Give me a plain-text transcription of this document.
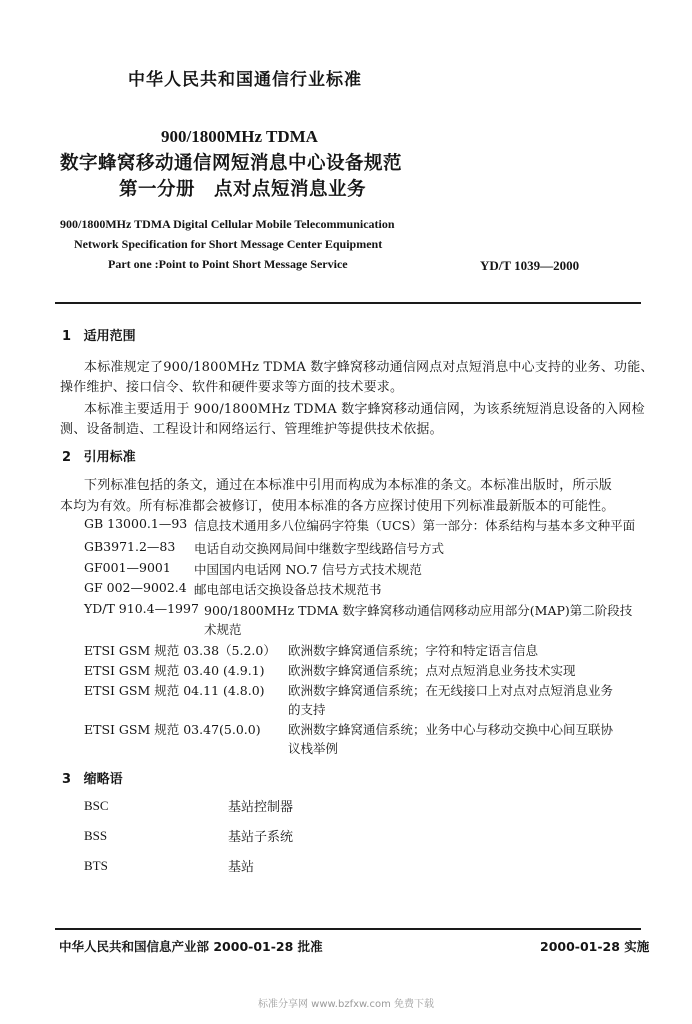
中华人民共和国通信行业标准
900/1800MHz TDMA
数字蜂窝移动通信网短消息中心设备规范
第一分册 点对点短消息业务
900/1800MHz TDMA Digital Cellular Mobile Telecommunication
Network Specification for Short Message Center Equipment
Part one :Point to Point Short Message Service	YD/T 1039—2000
1 适用范围
本标准规定了900/1800MHz TDMA 数字蜂窝移动通信网点对点短消息中心支持的业务、功能、
操作维护、接口信令、软件和硬件要求等方面的技术要求。
本标准主要适用于 900/1800MHz TDMA 数字蜂窝移动通信网，为该系统短消息设备的入网检
测、设备制造、工程设计和网络运行、管理维护等提供技术依据。
2 引用标准
下列标准包括的条文，通过在本标准中引用而构成为本标准的条文。本标准出版时，所示版
本均为有效。所有标准都会被修订，使用本标准的各方应探讨使用下列标准最新版本的可能性。
GB 13000.1—93 信息技术通用多八位编码字符集（UCS）第一部分：体系结构与基本多文种平面
GB3971.2—83 电话自动交换网局间中继数字型线路信号方式
GF001—9001 中国国内电话网 NO.7 信号方式技术规范
GF 002—9002.4 邮电部电话交换设备总技术规范书
YD/T 910.4—1997 900/1800MHz TDMA 数字蜂窝移动通信网移动应用部分(MAP)第二阶段技
术规范
ETSI GSM 规范 03.38（5.2.0） 欧洲数字蜂窝通信系统；字符和特定语言信息
ETSI GSM 规范 03.40 (4.9.1) 欧洲数字蜂窝通信系统；点对点短消息业务技术实现
ETSI GSM 规范 04.11 (4.8.0) 欧洲数字蜂窝通信系统；在无线接口上对点对点短消息业务
的支持
ETSI GSM 规范 03.47(5.0.0) 欧洲数字蜂窝通信系统；业务中心与移动交换中心间互联协
议栈举例
3 缩略语
BSC	基站控制器
BSS	基站子系统
BTS	基站
中华人民共和国信息产业部 2000-01-28 批准	2000-01-28 实施
标准分享网 www.bzfxw.com 免费下载
